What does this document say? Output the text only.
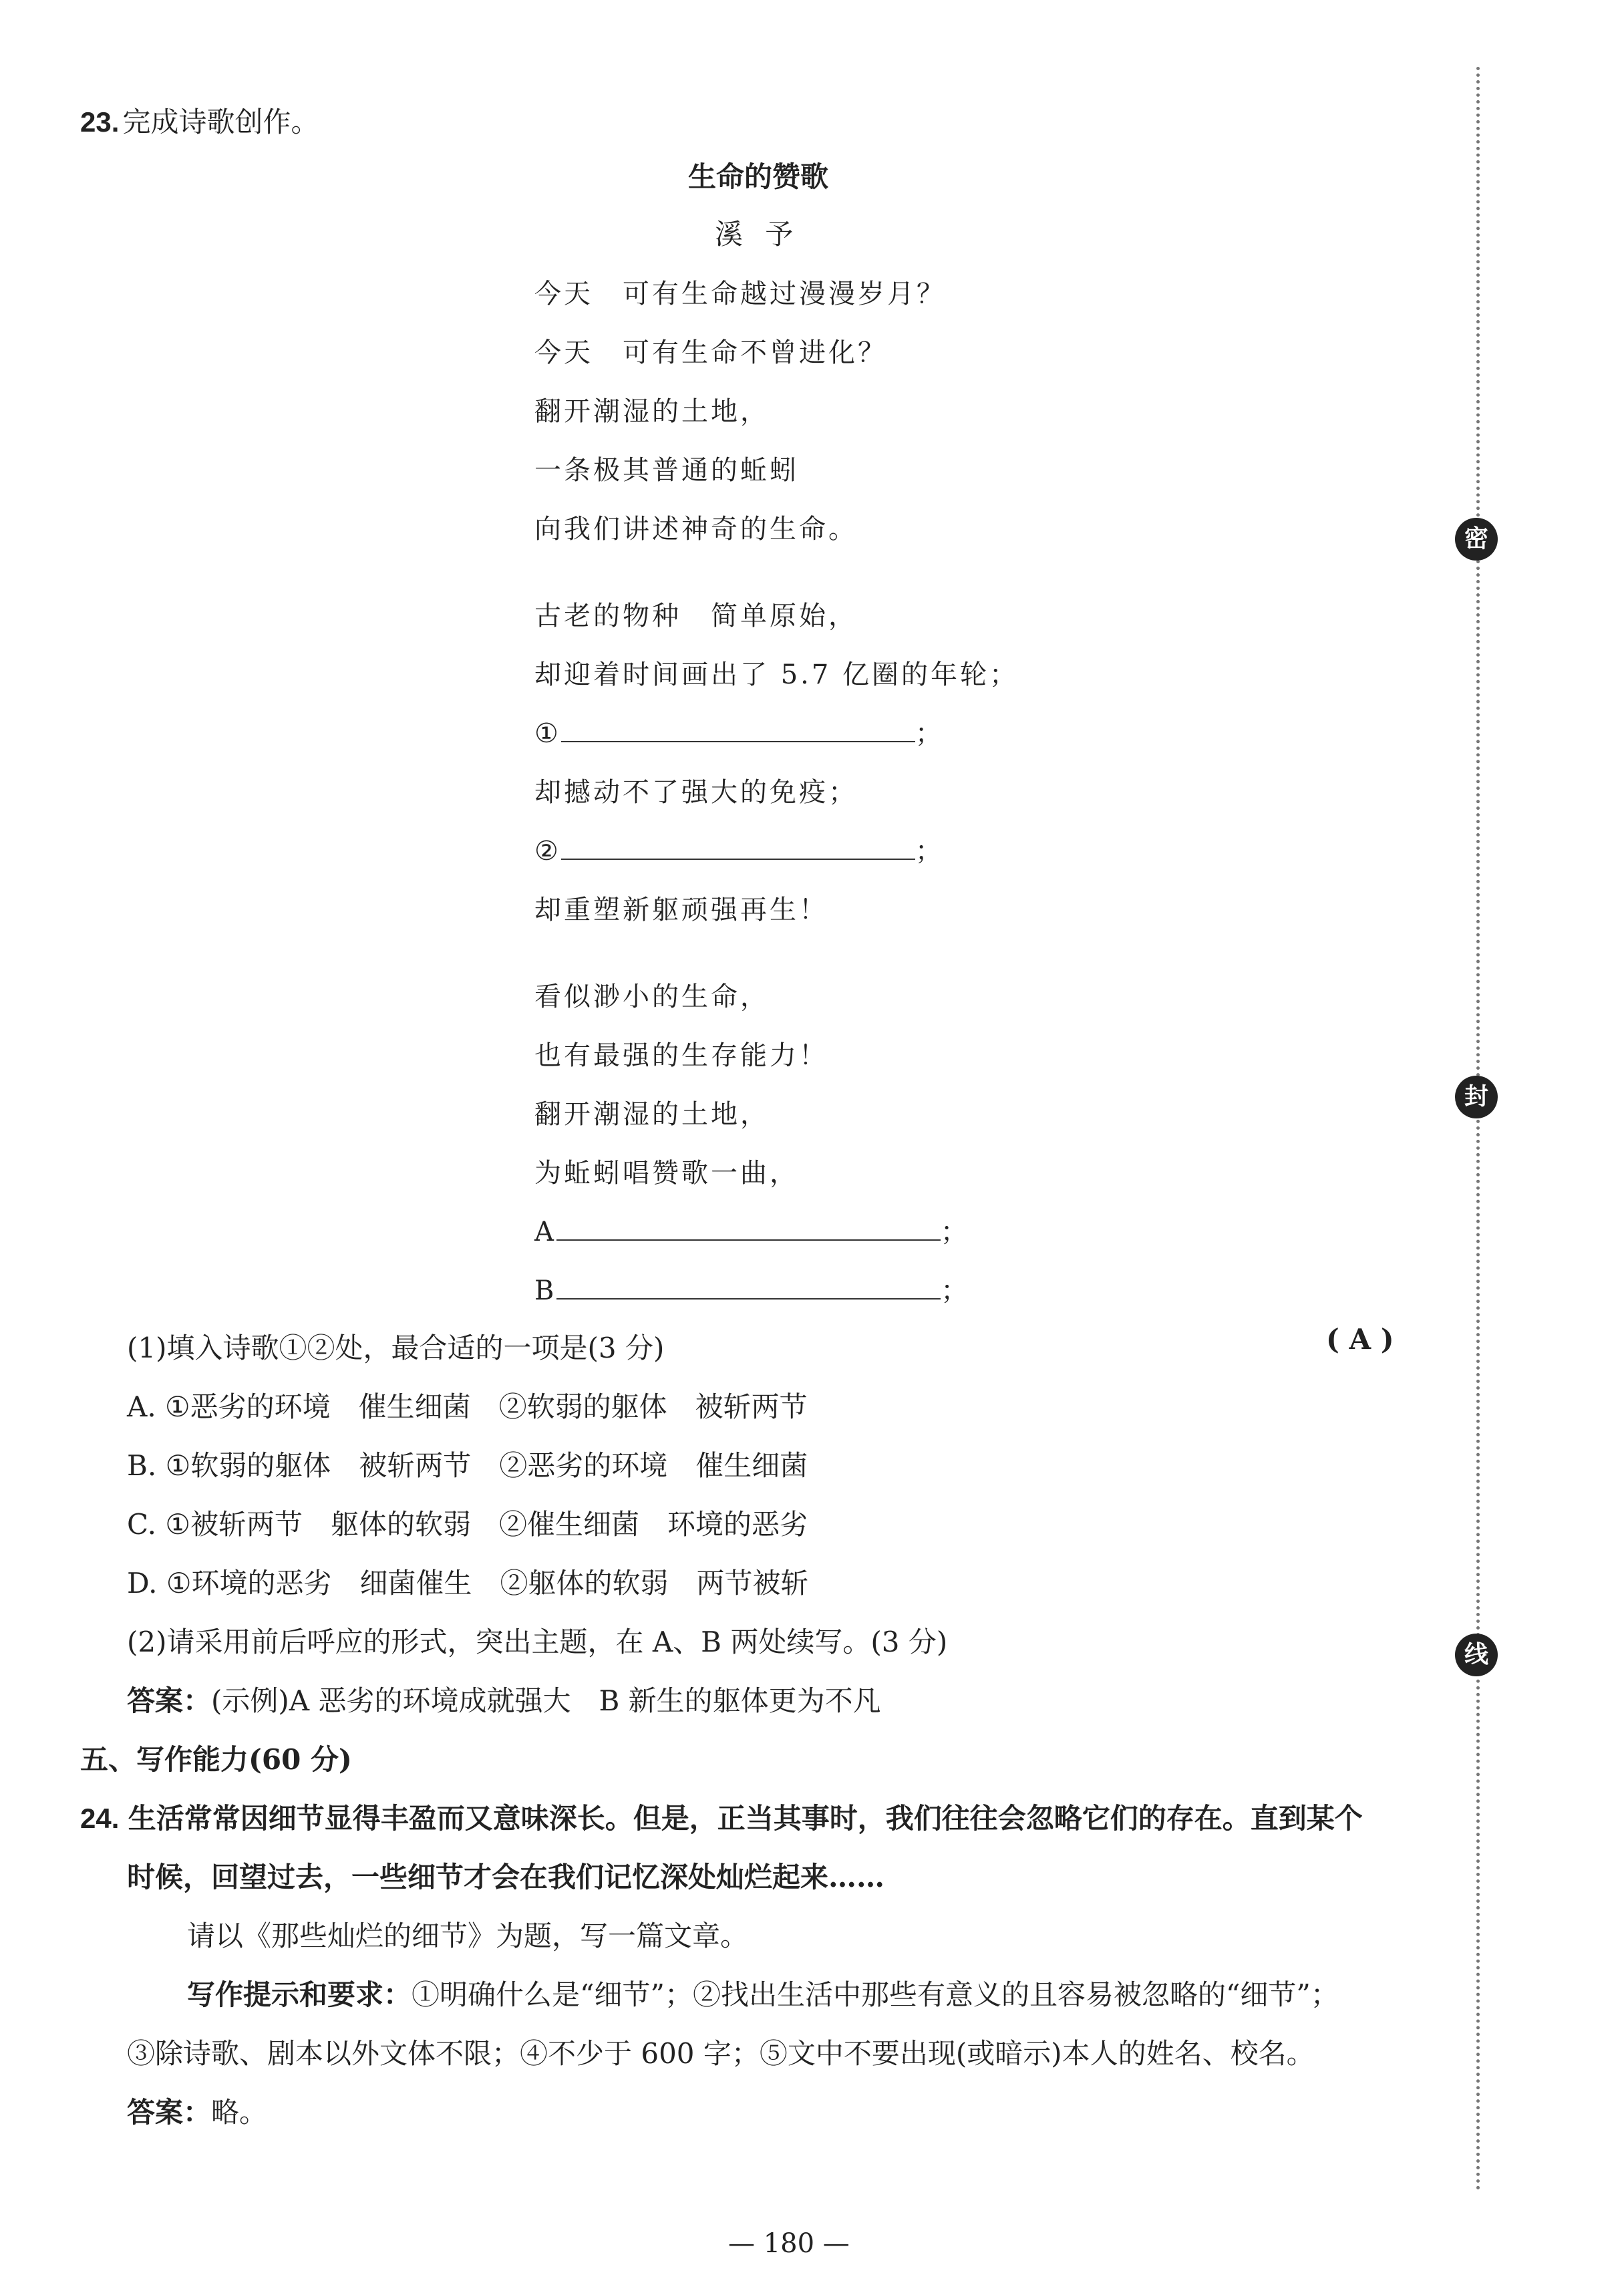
23. 完成诗歌创作。
生命的赞歌
溪 予
今天　可有生命越过漫漫岁月？
今天　可有生命不曾进化？
翻开潮湿的土地，
一条极其普通的蚯蚓
向我们讲述神奇的生命。
古老的物种　简单原始，
却迎着时间画出了 5.7 亿圈的年轮；
①	；
却撼动不了强大的免疫；
②	；
却重塑新躯顽强再生！
看似渺小的生命，
也有最强的生存能力！
翻开潮湿的土地，
为蚯蚓唱赞歌一曲，
A	；
B	；
(1)填入诗歌①②处，最合适的一项是(3 分)	( A )
A. ①恶劣的环境　催生细菌　②软弱的躯体　被斩两节
B. ①软弱的躯体　被斩两节　②恶劣的环境　催生细菌
C. ①被斩两节　躯体的软弱　②催生细菌　环境的恶劣
D. ①环境的恶劣　细菌催生　②躯体的软弱　两节被斩
(2)请采用前后呼应的形式，突出主题，在 A、B 两处续写。(3 分)
答案：(示例)A 恶劣的环境成就强大　B 新生的躯体更为不凡
五、写作能力(60 分)
24. 生活常常因细节显得丰盈而又意味深长。但是，正当其事时，我们往往会忽略它们的存在。直到某个
时候，回望过去，一些细节才会在我们记忆深处灿烂起来……
请以《那些灿烂的细节》为题，写一篇文章。
写作提示和要求：①明确什么是“细节”；②找出生活中那些有意义的且容易被忽略的“细节”；
③除诗歌、剧本以外文体不限；④不少于 600 字；⑤文中不要出现(或暗示)本人的姓名、校名。
答案：略。
— 180 —
密
封
线
